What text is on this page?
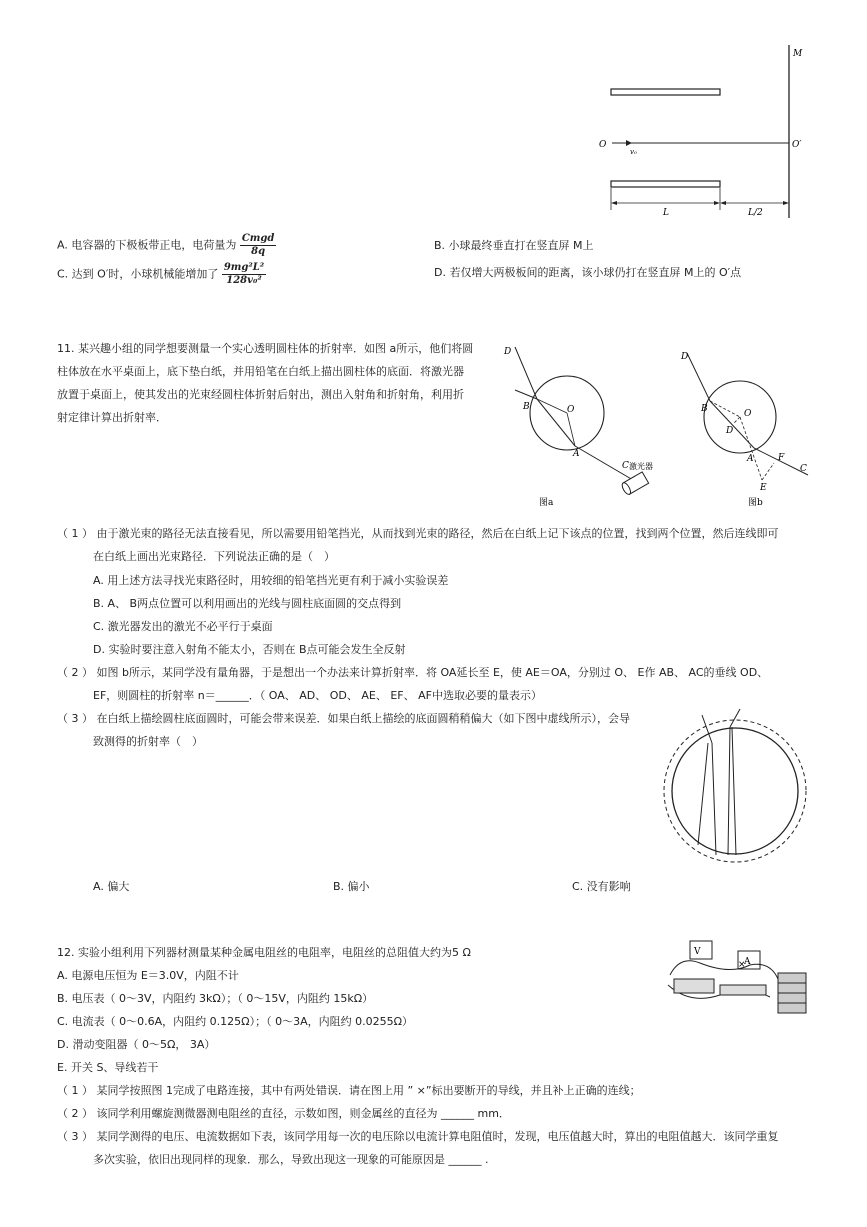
M
O
v₀
O′
L	L/2
A. 电容器的下极板带正电，电荷量为 $\frac{\text{Cmgd}}{8q}$	B. 小球最终垂直打在竖直屏 M上
C. 达到 O′时，小球机械能增加了 $\frac{\text{9mg²L²}}{\text{128v₀²}}$	D. 若仅增大两极板间的距离，该小球仍打在竖直屏 M上的 O′点
11. 某兴趣小组的同学想要测量一个实心透明圆柱体的折射率．如图 a所示，他们将圆
柱体放在水平桌面上，底下垫白纸，并用铅笔在白纸上描出圆柱体的底面．将激光器
放置于桌面上，使其发出的光束经圆柱体折射后射出，测出入射角和折射角，利用折
射定律计算出折射率．
D
B	O
A
C 激光器
图a
D
B	O
D
A	F
C
E
图b
（ 1 ） 由于激光束的路径无法直接看见，所以需要用铅笔挡光，从而找到光束的路径，然后在白纸上记下该点的位置，找到两个位置，然后连线即可
在白纸上画出光束路径．下列说法正确的是（　）
A. 用上述方法寻找光束路径时，用较细的铅笔挡光更有利于减小实验误差
B. A、 B两点位置可以利用画出的光线与圆柱底面圆的交点得到
C. 激光器发出的激光不必平行于桌面
D. 实验时要注意入射角不能太小，否则在 B点可能会发生全反射
（ 2 ） 如图 b所示，某同学没有量角器，于是想出一个办法来计算折射率．将 OA延长至 E，使 AE＝OA，分别过 O、 E作 AB、 AC的垂线 OD、
EF，则圆柱的折射率 n＝______．（ OA、 AD、 OD、 AE、 EF、 AF中选取必要的量表示）
（ 3 ） 在白纸上描绘圆柱底面圆时，可能会带来误差．如果白纸上描绘的底面圆稍稍偏大（如下图中虚线所示），会导
致测得的折射率（　）
A. 偏大	B. 偏小	C. 没有影响
12. 实验小组利用下列器材测量某种金属电阻丝的电阻率，电阻丝的总阻值大约为5 Ω	V
A
×
A. 电源电压恒为 E＝3.0V，内阻不计
B. 电压表（ 0～3V，内阻约 3kΩ）；（ 0～15V，内阻约 15kΩ）
C. 电流表（ 0～0.6A，内阻约 0.125Ω）；（ 0～3A，内阻约 0.0255Ω）
D. 滑动变阻器（ 0～5Ω， 3A）
E. 开关 S、导线若干
（ 1 ） 某同学按照图 1完成了电路连接，其中有两处错误．请在图上用 ” ×”标出要断开的导线，并且补上正确的连线；
（ 2 ） 该同学利用螺旋测微器测电阻丝的直径，示数如图，则金属丝的直径为 ______ mm．
（ 3 ） 某同学测得的电压、电流数据如下表，该同学用每一次的电压除以电流计算电阻值时，发现，电压值越大时，算出的电阻值越大．该同学重复
多次实验，依旧出现同样的现象．那么，导致出现这一现象的可能原因是 ______ .
